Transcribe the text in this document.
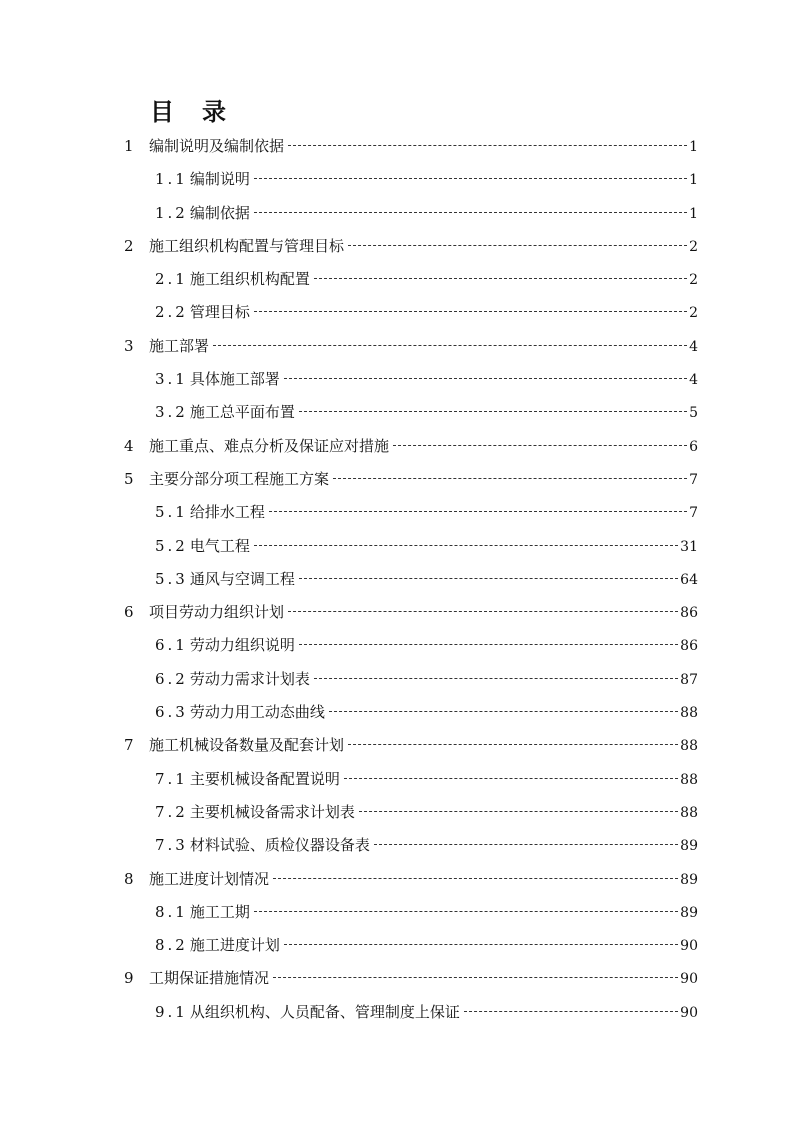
目　录
1	编制说明及编制依据	1
1.1 编制说明	1
1.2 编制依据	1
2	施工组织机构配置与管理目标	2
2.1 施工组织机构配置	2
2.2 管理目标	2
3	施工部署	4
3.1 具体施工部署	4
3.2 施工总平面布置	5
4	施工重点、难点分析及保证应对措施	6
5	主要分部分项工程施工方案	7
5.1 给排水工程	7
5.2 电气工程	31
5.3 通风与空调工程	64
6	项目劳动力组织计划	86
6.1 劳动力组织说明	86
6.2 劳动力需求计划表	87
6.3 劳动力用工动态曲线	88
7	施工机械设备数量及配套计划	88
7.1 主要机械设备配置说明	88
7.2 主要机械设备需求计划表	88
7.3 材料试验、质检仪器设备表	89
8	施工进度计划情况	89
8.1 施工工期	89
8.2 施工进度计划	90
9	工期保证措施情况	90
9.1 从组织机构、人员配备、管理制度上保证	90
